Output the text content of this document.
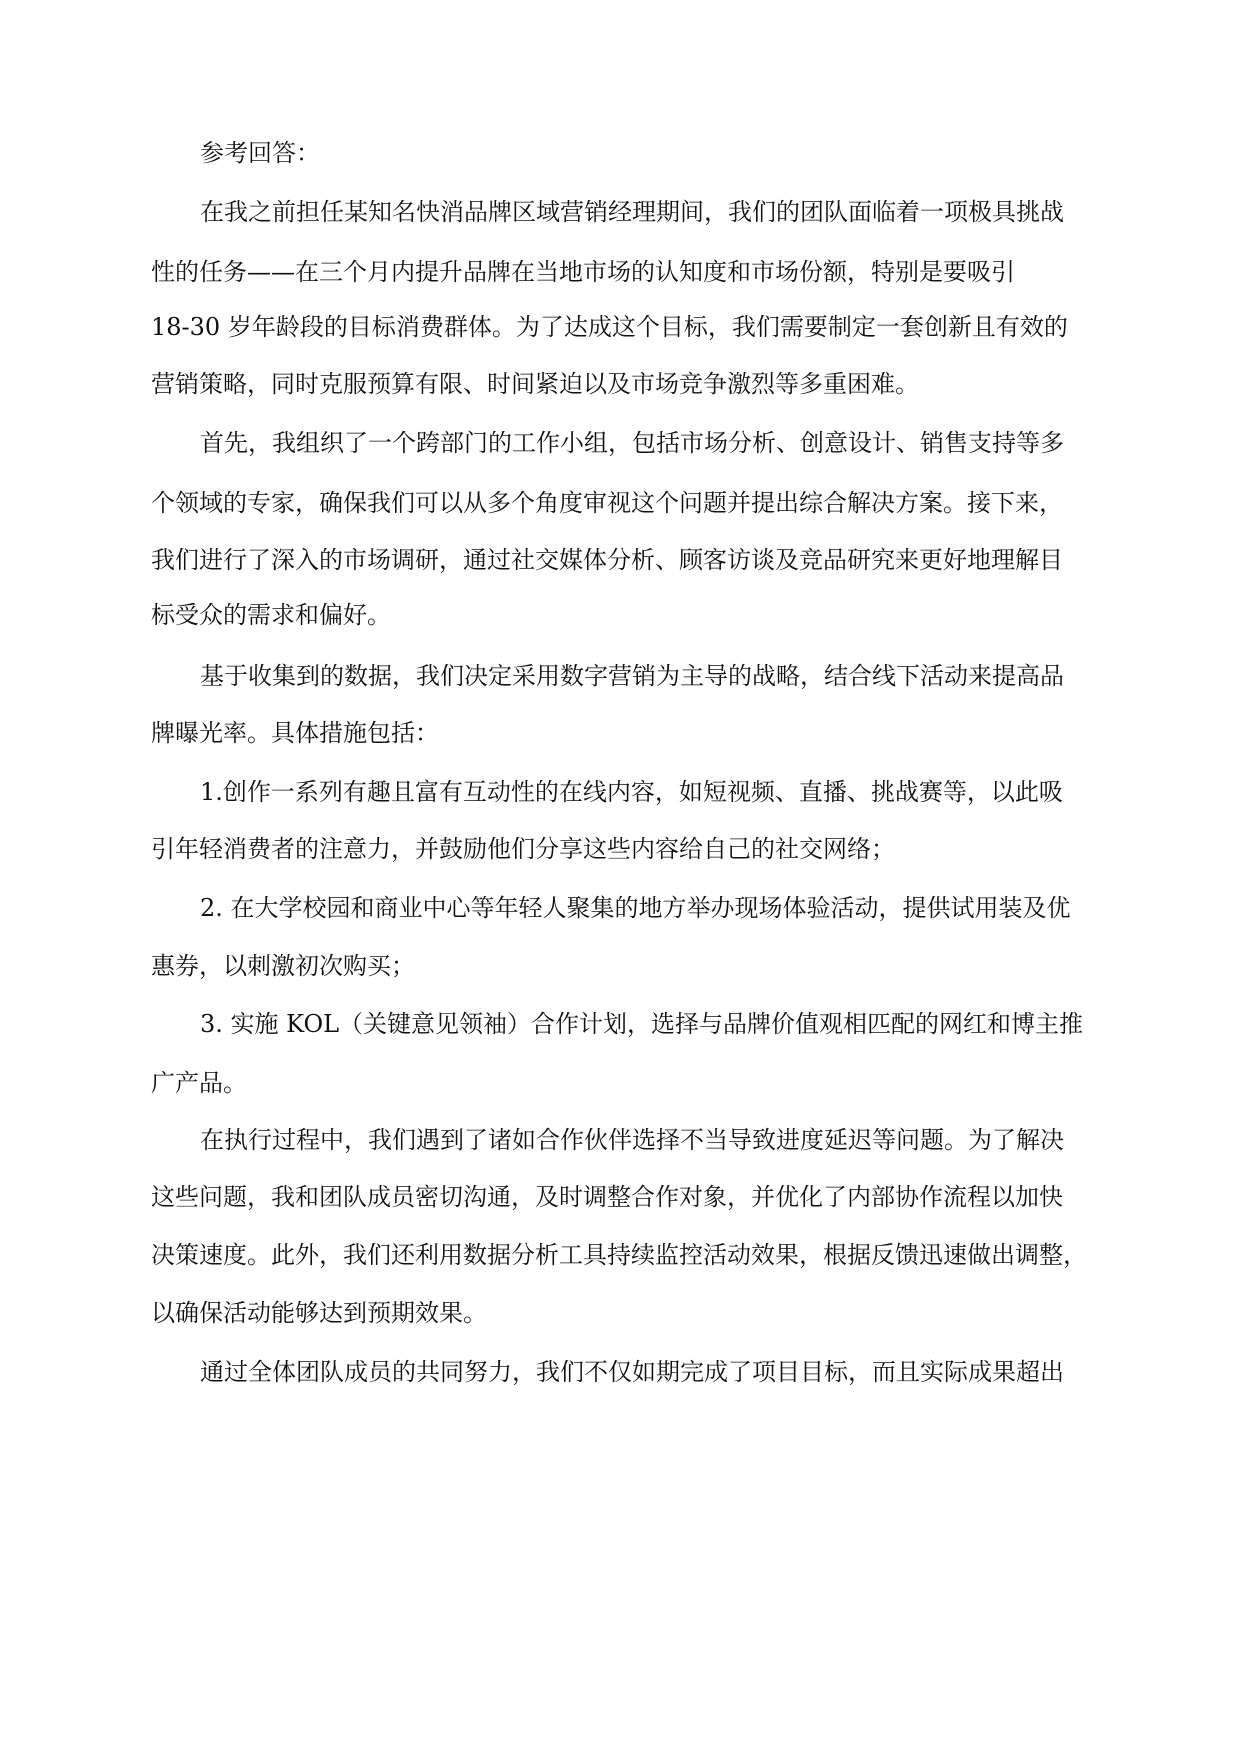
参考回答：

在我之前担任某知名快消品牌区域营销经理期间，我们的团队面临着一项极具挑战

性的任务——在三个月内提升品牌在当地市场的认知度和市场份额，特别是要吸引

18-30 岁年龄段的目标消费群体。为了达成这个目标，我们需要制定一套创新且有效的

营销策略，同时克服预算有限、时间紧迫以及市场竞争激烈等多重困难。

首先，我组织了一个跨部门的工作小组，包括市场分析、创意设计、销售支持等多

个领域的专家，确保我们可以从多个角度审视这个问题并提出综合解决方案。接下来，

我们进行了深入的市场调研，通过社交媒体分析、顾客访谈及竞品研究来更好地理解目

标受众的需求和偏好。

基于收集到的数据，我们决定采用数字营销为主导的战略，结合线下活动来提高品

牌曝光率。具体措施包括：

1.创作一系列有趣且富有互动性的在线内容，如短视频、直播、挑战赛等，以此吸

引年轻消费者的注意力，并鼓励他们分享这些内容给自己的社交网络；

2. 在大学校园和商业中心等年轻人聚集的地方举办现场体验活动，提供试用装及优

惠券，以刺激初次购买；

3. 实施 KOL（关键意见领袖）合作计划，选择与品牌价值观相匹配的网红和博主推

广产品。

在执行过程中，我们遇到了诸如合作伙伴选择不当导致进度延迟等问题。为了解决

这些问题，我和团队成员密切沟通，及时调整合作对象，并优化了内部协作流程以加快

决策速度。此外，我们还利用数据分析工具持续监控活动效果，根据反馈迅速做出调整，

以确保活动能够达到预期效果。

通过全体团队成员的共同努力，我们不仅如期完成了项目目标，而且实际成果超出
